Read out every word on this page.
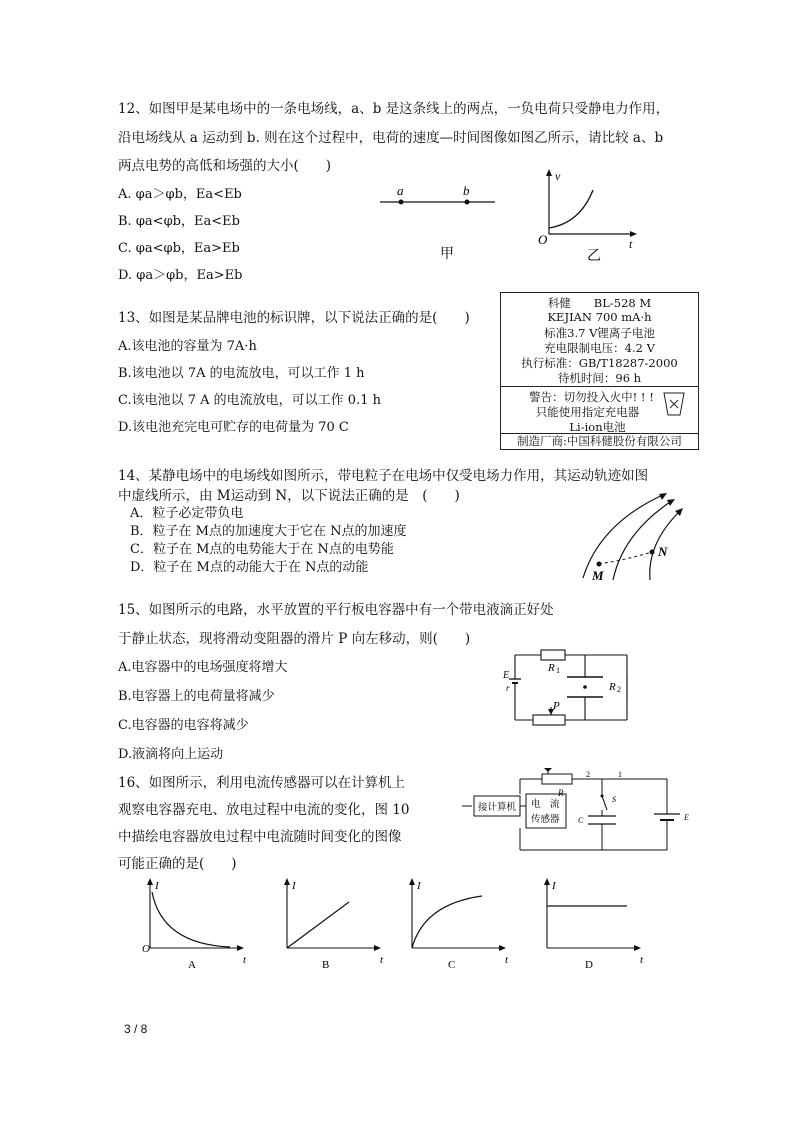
12、如图甲是某电场中的一条电场线，a、b 是这条线上的两点，一负电荷只受静电力作用，
沿电场线从 a 运动到 b. 则在这个过程中，电荷的速度—时间图像如图乙所示，请比较 a、b
两点电势的高低和场强的大小(　　)
A. φa＞φb，Ea<Eb
B. φa<φb，Ea<Eb
C. φa<φb，Ea>Eb
D. φa＞φb，Ea>Eb
a	b
甲
v
t
O
乙
13、如图是某品牌电池的标识牌，以下说法正确的是(　　)
A.该电池的容量为 7A·h
B.该电池以 7A 的电流放电，可以工作 1 h
C.该电池以 7 A 的电流放电，可以工作 0.1 h
D.该电池充完电可贮存的电荷量为 70 C
科健　　BL-528 M
KEJIAN 700 mA·h
标准3.7 V锂离子电池
充电限制电压：4.2 V
执行标准：GB/T18287-2000
待机时间：96 h
警告：切勿投入火中! ! !
只能使用指定充电器
Li-ion电池
制造厂商:中国科健股份有限公司
14、某静电场中的电场线如图所示，带电粒子在电场中仅受电场力作用，其运动轨迹如图
中虚线所示，由 M运动到 N，以下说法正确的是　(　　)
A．粒子必定带负电
B．粒子在 M点的加速度大于它在 N点的加速度
C．粒子在 M点的电势能大于在 N点的电势能
D．粒子在 M点的动能大于在 N点的动能
M
N
15、如图所示的电路，水平放置的平行板电容器中有一个带电液滴正好处
于静止状态，现将滑动变阻器的滑片 P 向左移动，则(　　)
A.电容器中的电场强度将增大
B.电容器上的电荷量将减少
C.电容器的电容将减少
D.液滴将向上运动
E
r
R 1
R 2
P
16、如图所示，利用电流传感器可以在计算机上
观察电容器充电、放电过程中电流的变化，图 10
中描绘电容器放电过程中电流随时间变化的图像
可能正确的是(　　)
接计算机 电　流
传感器
R
2	1
S
C	E
I
t
A
O
I
t
B
I
t
C
I
t
D
3 / 8
